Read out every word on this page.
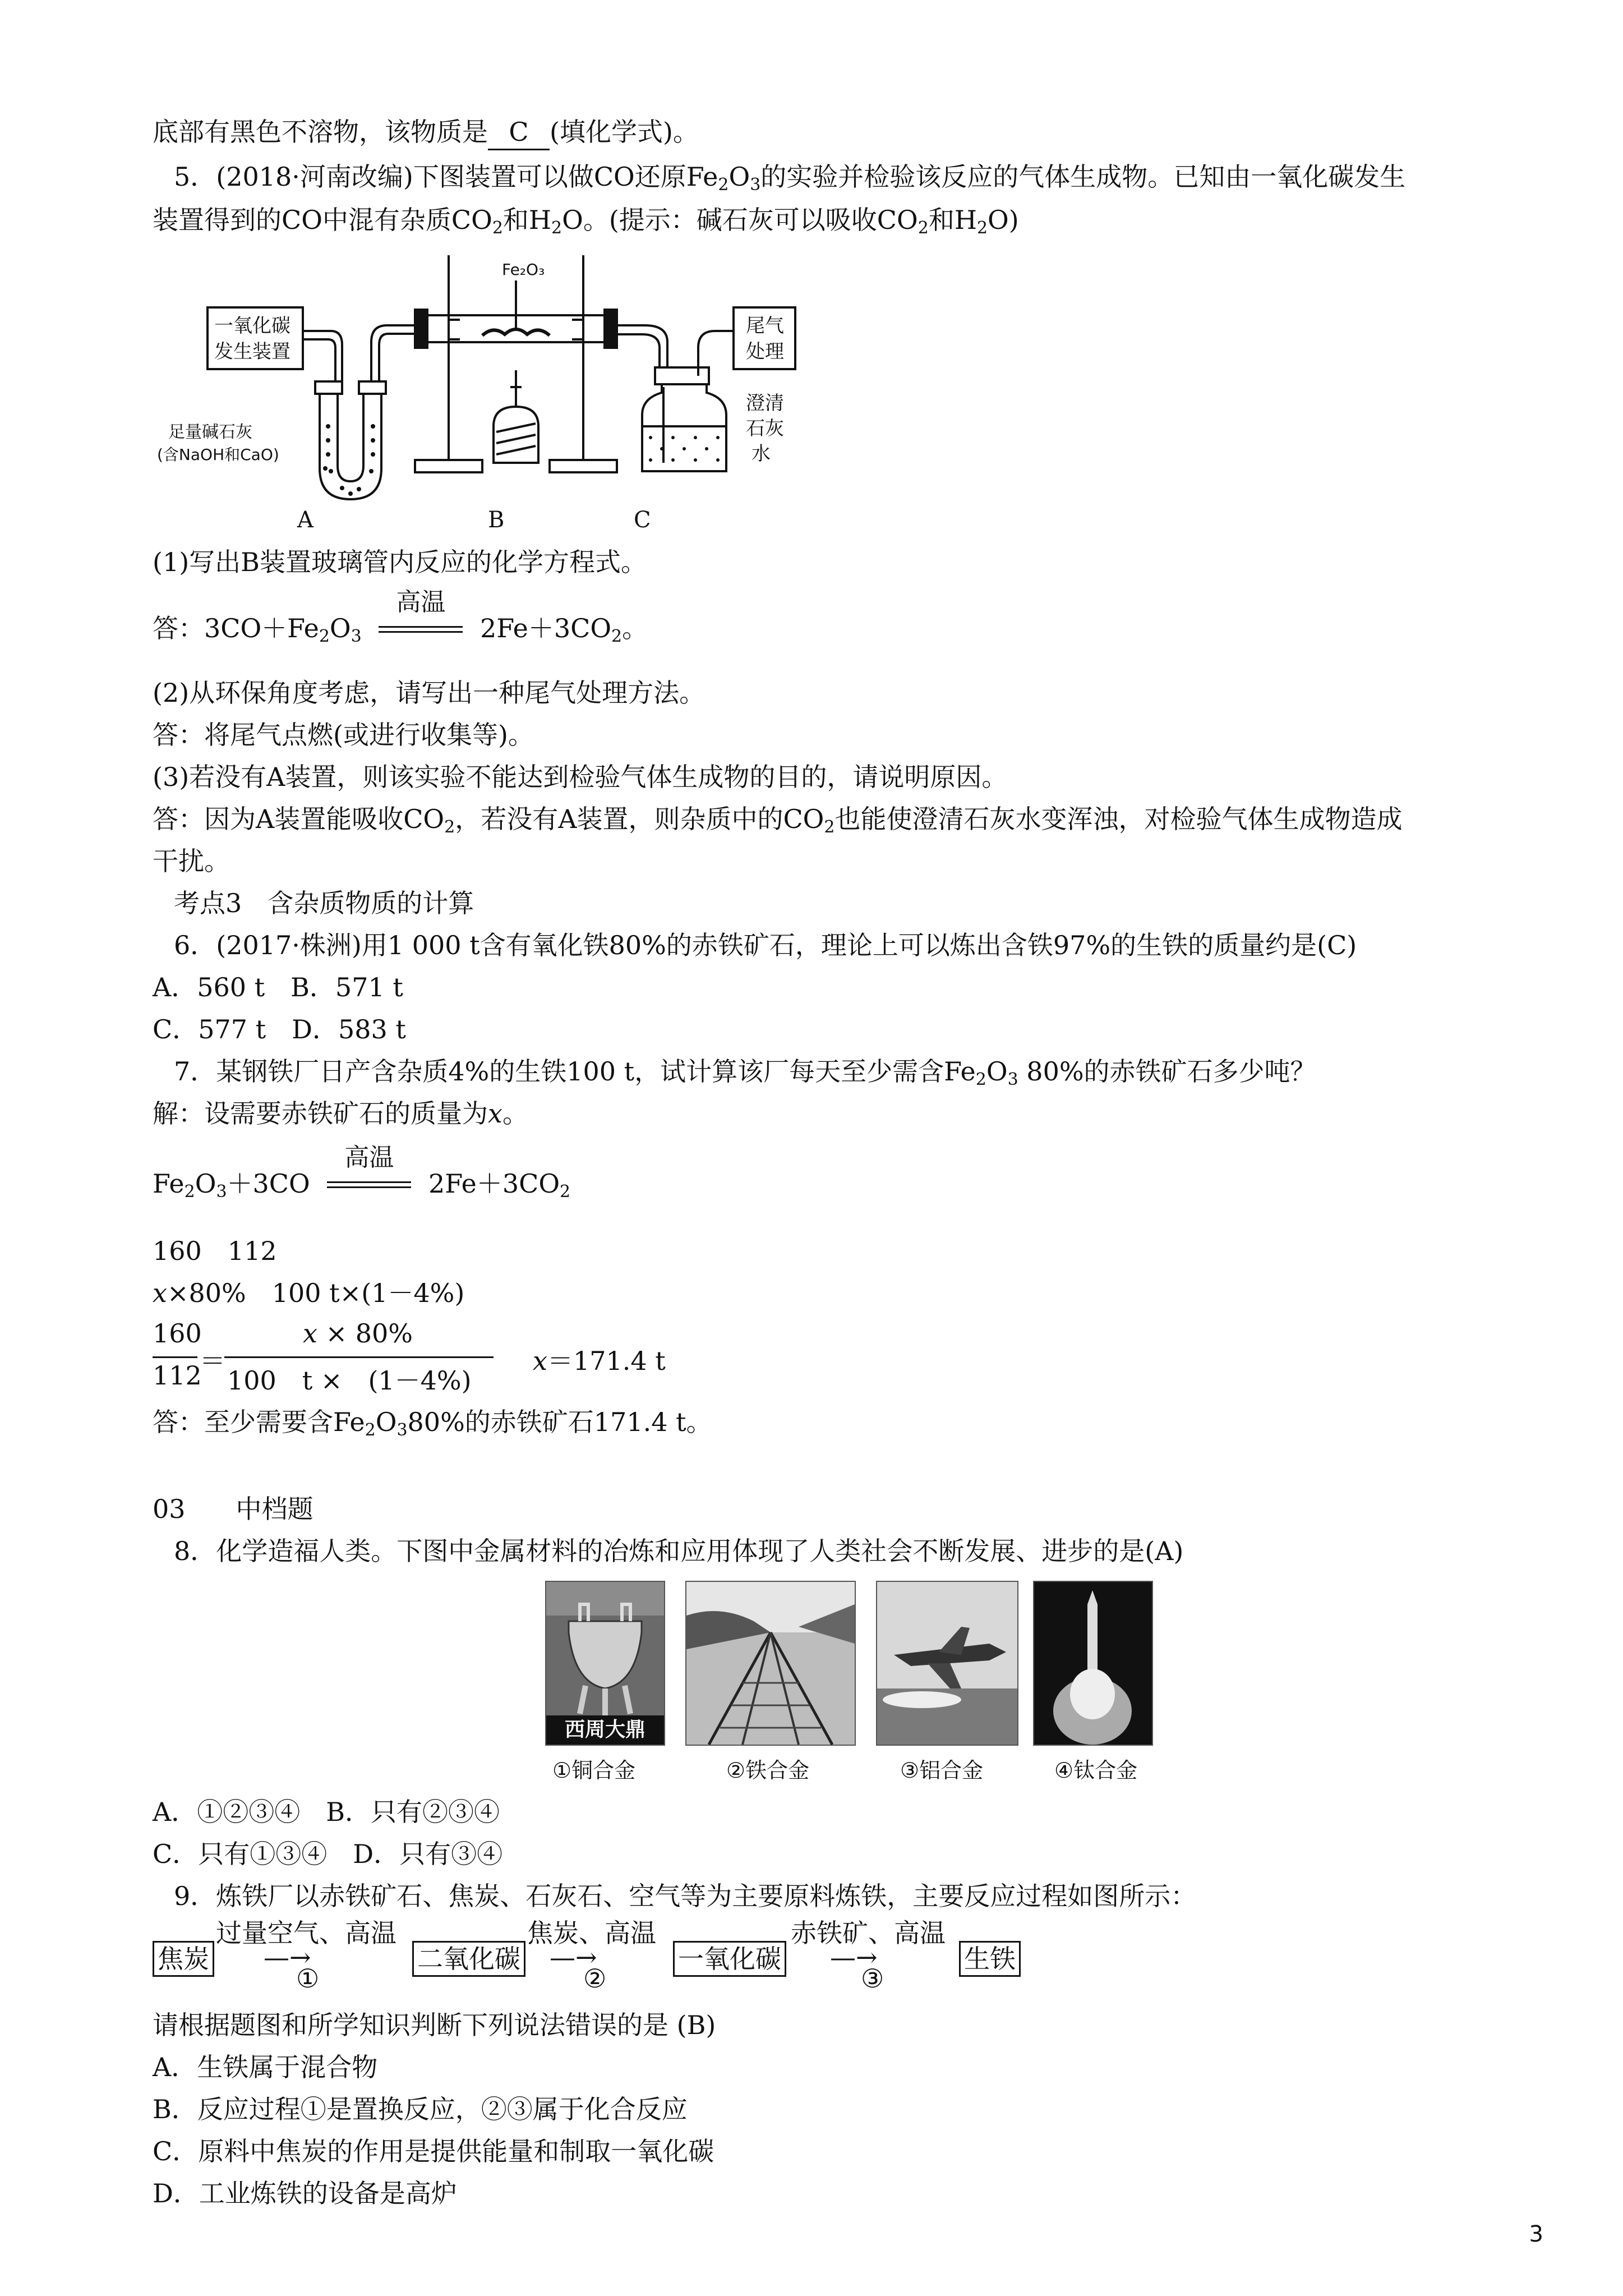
底部有黑色不溶物，该物质是 C (填化学式)。
5．(2018·河南改编)下图装置可以做CO还原$Fe_2O_3$的实验并检验该反应的气体生成物。已知由一氧化碳发生
装置得到的CO中混有杂质$CO_2$和$H_2O$。(提示：碱石灰可以吸收$CO_2$和$H_2O$)
一氧化碳
发生装置
尾气
处理
Fe₂O₃
足量碱石灰
(含NaOH和CaO)
澄清
石灰
水
A	B	C
(1)写出B装置玻璃管内反应的化学方程式。
答：$3CO+Fe_2O_3$
高温
$2Fe+3CO_2$。
(2)从环保角度考虑，请写出一种尾气处理方法。
答：将尾气点燃(或进行收集等)。
(3)若没有A装置，则该实验不能达到检验气体生成物的目的，请说明原因。
答：因为A装置能吸收$CO_2$，若没有A装置，则杂质中的$CO_2$也能使澄清石灰水变浑浊，对检验气体生成物造成
干扰。
考点3　含杂质物质的计算
6．(2017·株洲)用1 000 t含有氧化铁80%的赤铁矿石，理论上可以炼出含铁97%的生铁的质量约是(C)
A．560 t　B．571 t
C．577 t　D．583 t
7．某钢铁厂日产含杂质4%的生铁100 t，试计算该厂每天至少需含$Fe_2O_3$ 80%的赤铁矿石多少吨？
解：设需要赤铁矿石的质量为x。
$Fe_2O_3+3CO$
高温
$2Fe+3CO_2$
160　112
x×80%　100 t×(1－4%)
160
112
＝
x × 80%
100　t ×　(1－4%)
x＝171.4 t
答：至少需要含$Fe_2O_380\%$的赤铁矿石171.4 t。
03 中档题
8．化学造福人类。下图中金属材料的冶炼和应用体现了人类社会不断发展、进步的是(A)
西周大鼎
①铜合金	②铁合金	③铝合金	④钛合金
A．①②③④　B．只有②③④
C．只有①③④　D．只有③④
9．炼铁厂以赤铁矿石、焦炭、石灰石、空气等为主要原料炼铁，主要反应过程如图所示：
焦炭
过量空气、高温
—→
①
二氧化碳
焦炭、高温
—→
②
一氧化碳
赤铁矿、高温
—→
③
生铁
请根据题图和所学知识判断下列说法错误的是 (B)
A．生铁属于混合物
B．反应过程①是置换反应，②③属于化合反应
C．原料中焦炭的作用是提供能量和制取一氧化碳
D．工业炼铁的设备是高炉
3
